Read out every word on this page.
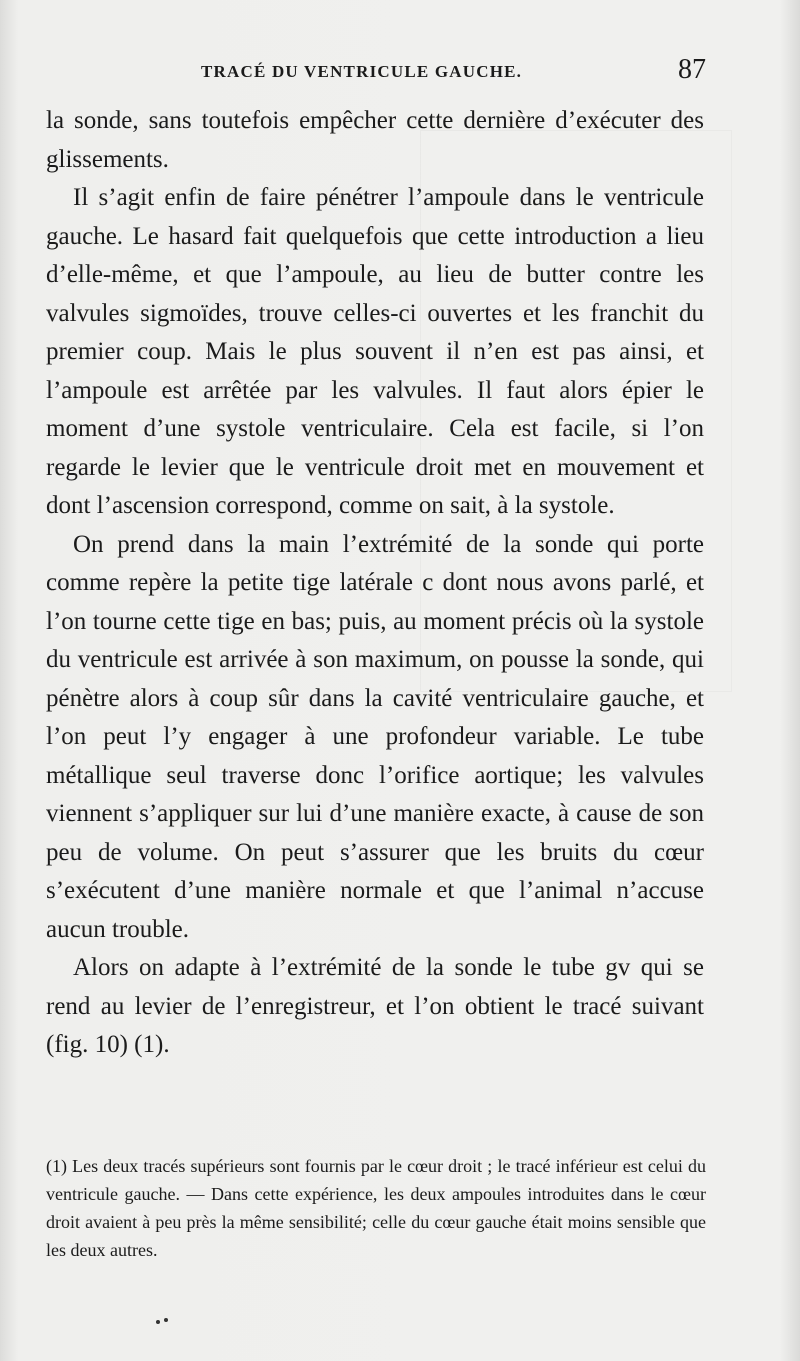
TRACÉ DU VENTRICULE GAUCHE.	87

la sonde, sans toutefois empêcher cette dernière d’exécuter des glissements.

Il s’agit enfin de faire pénétrer l’ampoule dans le ventricule gauche. Le hasard fait quelquefois que cette introduction a lieu d’elle-même, et que l’ampoule, au lieu de butter contre les valvules sigmoïdes, trouve celles-ci ouvertes et les franchit du premier coup. Mais le plus souvent il n’en est pas ainsi, et l’ampoule est arrêtée par les valvules. Il faut alors épier le moment d’une systole ventriculaire. Cela est facile, si l’on regarde le levier que le ventricule droit met en mouvement et dont l’ascension correspond, comme on sait, à la systole.

On prend dans la main l’extrémité de la sonde qui porte comme repère la petite tige latérale c dont nous avons parlé, et l’on tourne cette tige en bas; puis, au moment précis où la systole du ventricule est arrivée à son maximum, on pousse la sonde, qui pénètre alors à coup sûr dans la cavité ventriculaire gauche, et l’on peut l’y engager à une profondeur variable. Le tube métallique seul traverse donc l’orifice aortique; les valvules viennent s’appliquer sur lui d’une manière exacte, à cause de son peu de volume. On peut s’assurer que les bruits du cœur s’exécutent d’une manière normale et que l’animal n’accuse aucun trouble.

Alors on adapte à l’extrémité de la sonde le tube gv qui se rend au levier de l’enregistreur, et l’on obtient le tracé suivant (fig. 10) (1).

(1) Les deux tracés supérieurs sont fournis par le cœur droit ; le tracé inférieur est celui du ventricule gauche. — Dans cette expérience, les deux ampoules introduites dans le cœur droit avaient à peu près la même sensibilité; celle du cœur gauche était moins sensible que les deux autres.
